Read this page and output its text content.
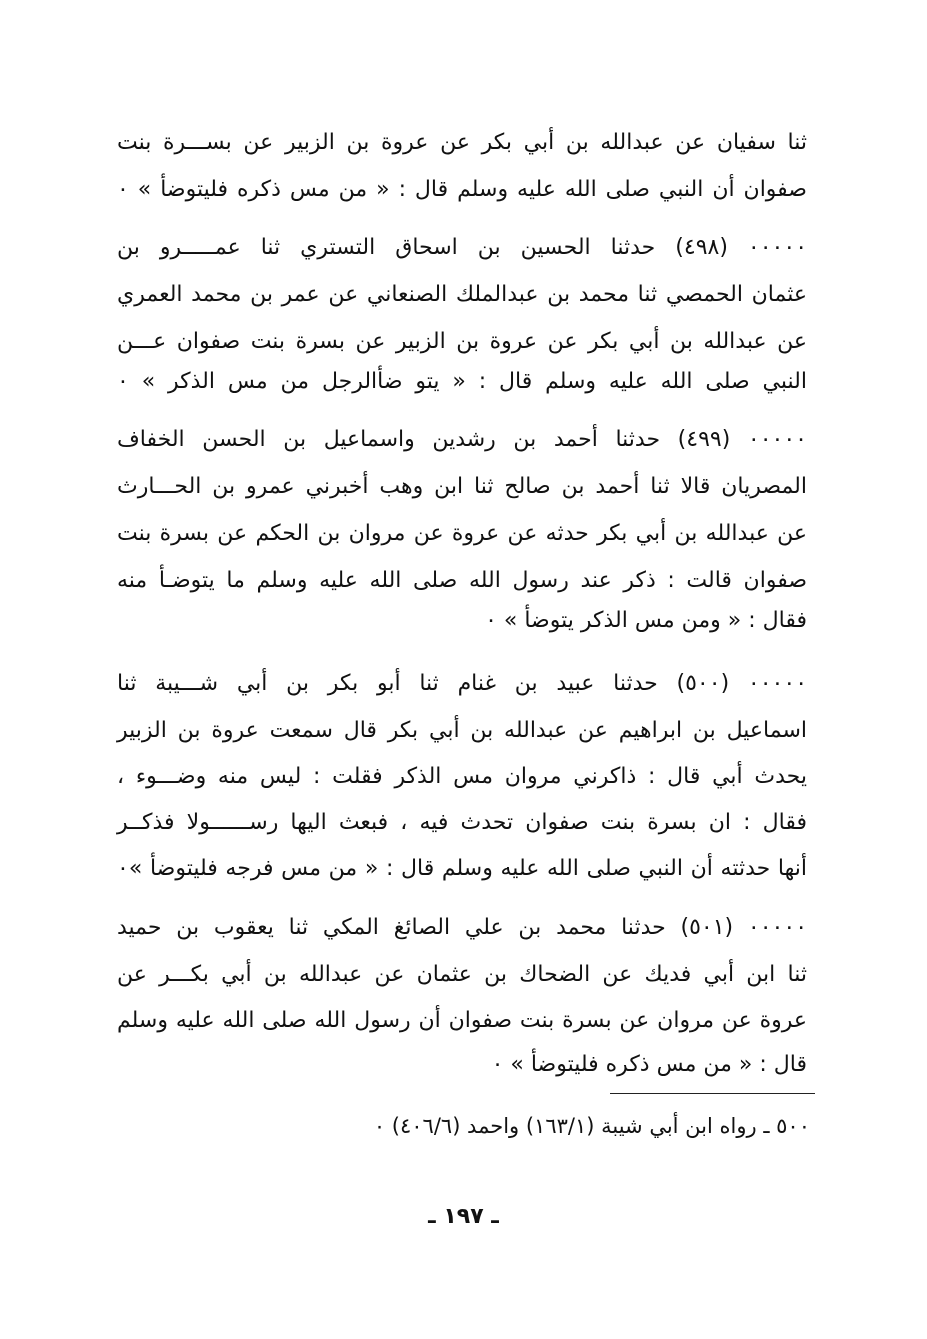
ثنا سفيان عن عبدالله بن أبي بكر عن عروة بن الزبير عن بســـرة بنت
صفوان أن النبي صلى الله عليه وسلم قال : « من مس ذكره فليتوضأ » ٠
٠٠٠٠٠ (٤٩٨) حدثنا الحسين بن اسحاق التستري ثنا عمـــــرو بن
عثمان الحمصي ثنا محمد بن عبدالملك الصنعاني عن عمر بن محمد العمري
عن عبدالله بن أبي بكر عن عروة بن الزبير عن بسرة بنت صفوان عـــن
النبي صلى الله عليه وسلم قال : « يتو ضأالرجل من مس الذكر » ٠
٠٠٠٠٠ (٤٩٩) حدثنا أحمد بن رشدين واسماعيل بن الحسن الخفاف
المصريان قالا ثنا أحمد بن صالح ثنا ابن وهب أخبرني عمرو بن الحـــارث
عن عبدالله بن أبي بكر حدثه عن عروة عن مروان بن الحكم عن بسرة بنت
صفوان قالت : ذكر عند رسول الله صلى الله عليه وسلم ما يتوضـأ منه
فقال : « ومن مس الذكر يتوضأ » ٠
٠٠٠٠٠ (٥٠٠) حدثنا عبيد بن غنام ثنا أبو بكر بن أبي شـــيبة ثنا
اسماعيل بن ابراهيم عن عبدالله بن أبي بكر قال سمعت عروة بن الزبير
يحدث أبي قال : ذاكرني مروان مس الذكر فقلت : ليس منه وضـــوء ،
فقال : ان بسرة بنت صفوان تحدث فيه ، فبعث اليها رســــــولا فذكــر
أنها حدثته أن النبي صلى الله عليه وسلم قال : « من مس فرجه فليتوضأ »٠
٠٠٠٠٠ (٥٠١) حدثنا محمد بن علي الصائغ المكي ثنا يعقوب بن حميد
ثنا ابن أبي فديك عن الضحاك بن عثمان عن عبدالله بن أبي بكـــر عن
عروة عن مروان عن بسرة بنت صفوان أن رسول الله صلى الله عليه وسلم
قال : « من مس ذكره فليتوضأ » ٠
٥٠٠ ـ رواه ابن أبي شيبة (١٦٣/١) واحمد (٤٠٦/٦) ٠
ـ ١٩٧ ـ
